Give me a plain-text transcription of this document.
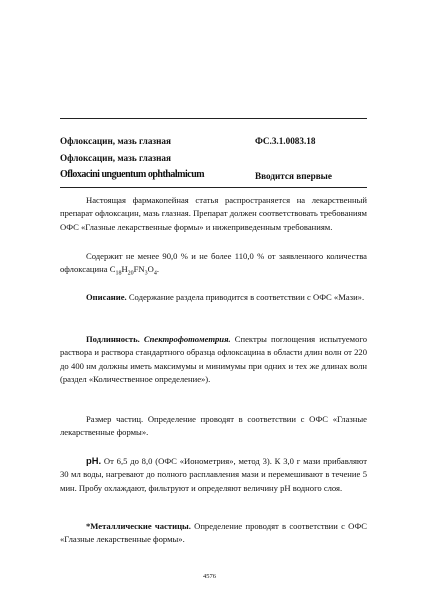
Офлоксацин, мазь глазная	ФС.3.1.0083.18
Офлоксацин, мазь глазная
Ofloxacini unguentum ophthalmicum	Вводится впервые
Настоящая фармакопейная статья распространяется на лекарственный препарат офлоксацин, мазь глазная. Препарат должен соответствовать требованиям ОФС «Глазные лекарственные формы» и нижеприведенным требованиям.
Содержит не менее 90,0 % и не более 110,0 % от заявленного количества офлоксацина $C_{18}H_{20}FN_3O_4$.
Описание. Содержание раздела приводится в соответствии с ОФС «Мази».
Подлинность. Спектрофотометрия. Спектры поглощения испытуемого раствора и раствора стандартного образца офлоксацина в области длин волн от 220 до 400 нм должны иметь максимумы и минимумы при одних и тех же длинах волн (раздел «Количественное определение»).
Размер частиц. Определение проводят в соответствии с ОФС «Глазные лекарственные формы».
pH. От 6,5 до 8,0 (ОФС «Ионометрия», метод 3). К 3,0 г мази прибавляют 30 мл воды, нагревают до полного расплавления мази и перемешивают в течение 5 мин. Пробу охлаждают, фильтруют и определяют величину pH водного слоя.
*Металлические частицы. Определение проводят в соответствии с ОФС «Глазные лекарственные формы».
4576
